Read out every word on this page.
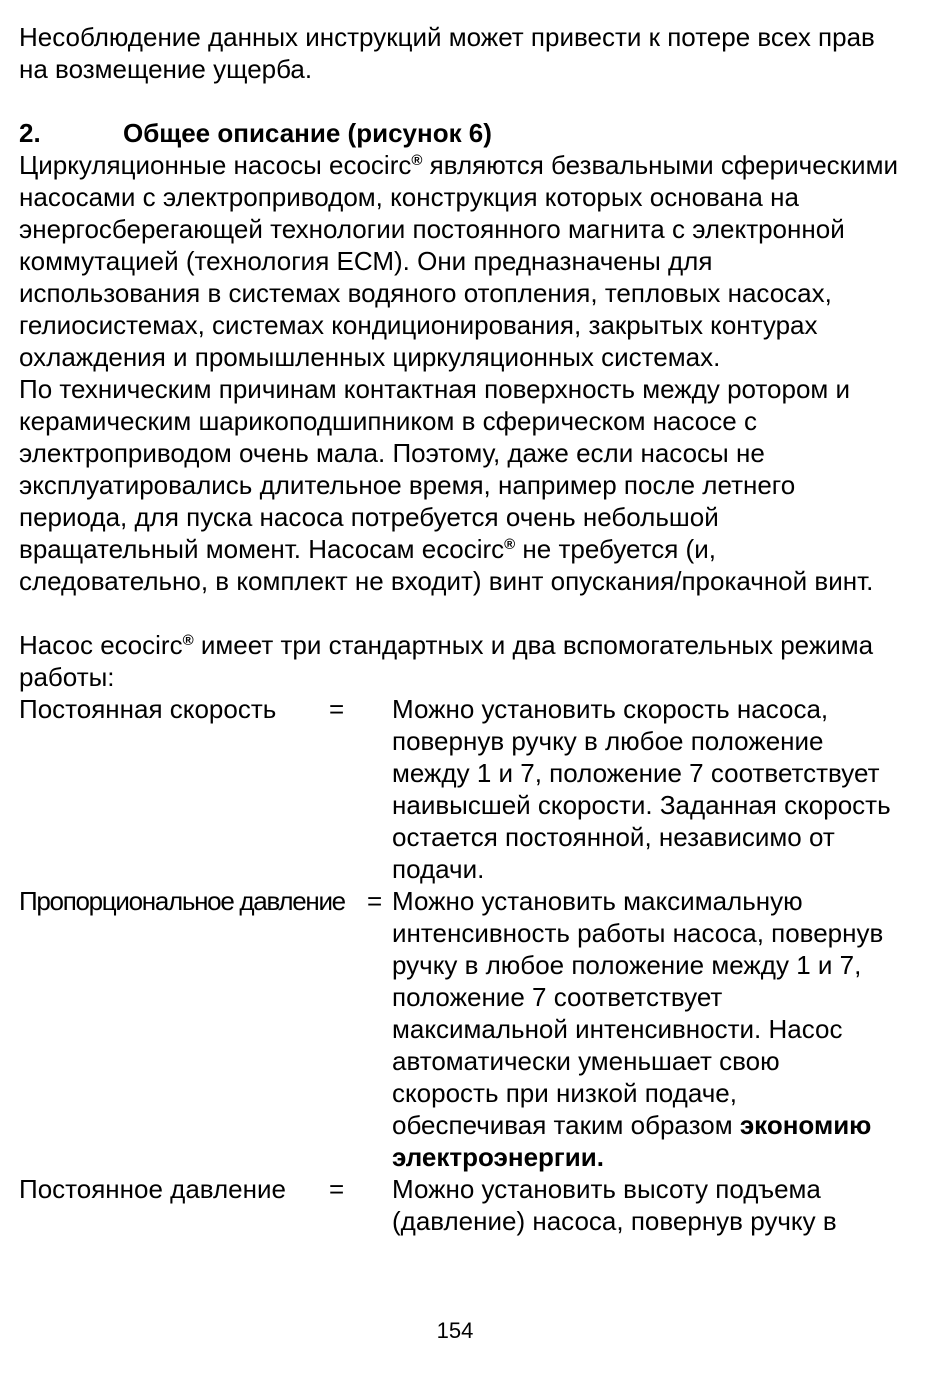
Несоблюдение данных инструкций может привести к потере всех прав на возмещение ущерба.

2.	Общее описание (рисунок 6)

Циркуляционные насосы ecocirc® являются безвальными сферическими насосами с электроприводом, конструкция которых основана на энергосберегающей технологии постоянного магнита с электронной коммутацией (технология ЕСМ). Они предназначены для использования в системах водяного отопления, тепловых насосах, гелиосистемах, системах кондиционирования, закрытых контурах охлаждения и промышленных циркуляционных системах.

По техническим причинам контактная поверхность между ротором и керамическим шарикоподшипником в сферическом насосе с электроприводом очень мала. Поэтому, даже если насосы не эксплуатировались длительное время, например после летнего периода, для пуска насоса потребуется очень небольшой вращательный момент. Насосам ecocirc® не требуется (и, следовательно, в комплект не входит) винт опускания/прокачной винт.

Насос ecocirc® имеет три стандартных и два вспомогательных режима работы:

Постоянная скорость	=	Можно установить скорость насоса, повернув ручку в любое положение между 1 и 7, положение 7 соответствует наивысшей скорости. Заданная скорость остается постоянной, независимо от подачи.
Пропорциональное давление = Можно установить максимальную интенсивность работы насоса, повернув ручку в любое положение между 1 и 7, положение 7 соответствует максимальной интенсивности. Насос автоматически уменьшает свою скорость при низкой подаче, обеспечивая таким образом экономию электроэнергии.
Постоянное давление	=	Можно установить высоту подъема (давление) насоса, повернув ручку в
154
